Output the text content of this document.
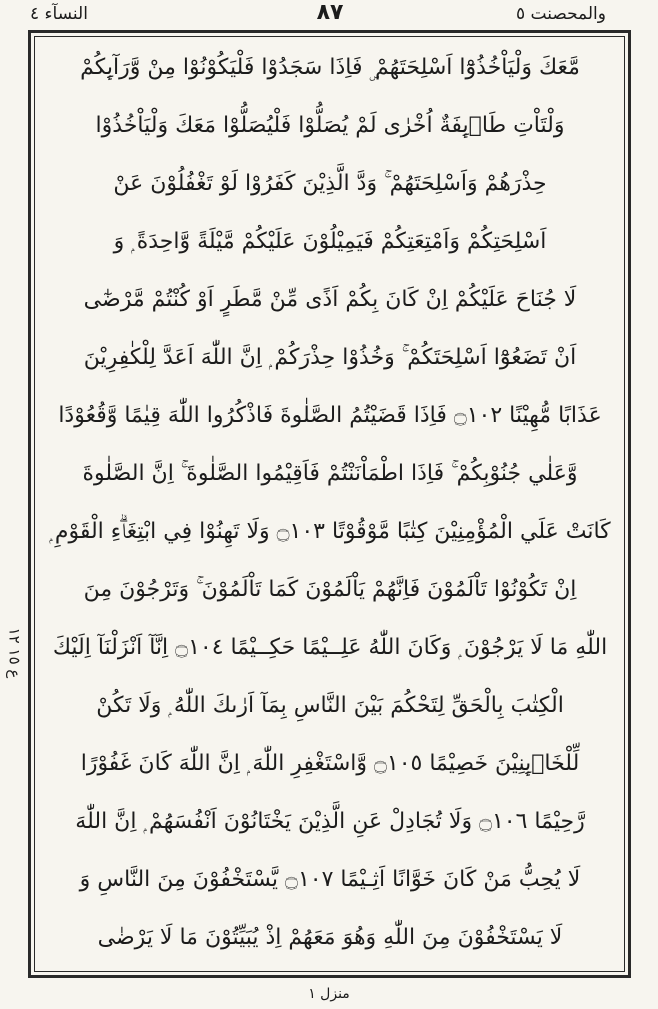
النسآء ٤	٨٧	والمحصنت ٥
مَّعَكَ وَلْيَاْخُذُوْٓا اَسْلِحَتَهُمْ ۣ فَاِذَا سَجَدُوْا فَلْيَكُوْنُوْا مِنْ وَّرَآىِٕكُمْ
وَلْتَاْتِ طَاۗىِٕفَةٌ اُخْرٰى لَمْ يُصَلُّوْا فَلْيُصَلُّوْا مَعَكَ وَلْيَاْخُذُوْا
حِذْرَهُمْ وَاَسْلِحَتَهُمْ ۚ وَدَّ الَّذِيْنَ كَفَرُوْا لَوْ تَغْفُلُوْنَ عَنْ
اَسْلِحَتِكُمْ وَاَمْتِعَتِكُمْ فَيَمِيْلُوْنَ عَلَيْكُمْ مَّيْلَةً وَّاحِدَةً ۭ وَ
لَا جُنَاحَ عَلَيْكُمْ اِنْ كَانَ بِكُمْ اَذًى مِّنْ مَّطَرٍ اَوْ كُنْتُمْ مَّرْضٰٓى
اَنْ تَضَعُوْٓا اَسْلِحَتَكُمْ ۚ وَخُذُوْا حِذْرَكُمْ ۭ اِنَّ اللّٰهَ اَعَدَّ لِلْكٰفِرِيْنَ
عَذَابًا مُّهِيْنًا ۝١٠٢ فَاِذَا قَضَيْتُمُ الصَّلٰوةَ فَاذْكُرُوا اللّٰهَ قِيٰمًا وَّقُعُوْدًا
وَّعَلٰي جُنُوْبِكُمْ ۚ فَاِذَا اطْمَاْنَنْتُمْ فَاَقِيْمُوا الصَّلٰوةَ ۚ اِنَّ الصَّلٰوةَ
كَانَتْ عَلَي الْمُؤْمِنِيْنَ كِتٰبًا مَّوْقُوْتًا ۝١٠٣ وَلَا تَهِنُوْا فِي ابْتِغَاۗءِ الْقَوْمِ ۭ
اِنْ تَكُوْنُوْا تَاْلَمُوْنَ فَاِنَّھُمْ يَاْلَمُوْنَ كَمَا تَاْلَمُوْنَ ۚ وَتَرْجُوْنَ مِنَ
اللّٰهِ مَا لَا يَرْجُوْنَ ۭ وَكَانَ اللّٰهُ عَلِــيْمًا حَكِــيْمًا ۝١٠٤ اِنَّآ اَنْزَلْنَآ اِلَيْكَ
الْكِتٰبَ بِالْحَقِّ لِتَحْكُمَ بَيْنَ النَّاسِ بِمَآ اَرٰىكَ اللّٰهُ ۭ وَلَا تَكُنْ
لِّلْخَاۗىِٕنِيْنَ خَصِيْمًا ۝١٠٥ وَّاسْتَغْفِرِ اللّٰهَ ۭ اِنَّ اللّٰهَ كَانَ غَفُوْرًا
رَّحِيْمًا ۝١٠٦ وَلَا تُجَادِلْ عَنِ الَّذِيْنَ يَخْتَانُوْنَ اَنْفُسَھُمْ ۭ اِنَّ اللّٰهَ
لَا يُحِبُّ مَنْ كَانَ خَوَّانًا اَثِـيْمًا ۝١٠٧ يَّسْتَخْفُوْنَ مِنَ النَّاسِ وَ
لَا يَسْتَخْفُوْنَ مِنَ اللّٰهِ وَھُوَ مَعَھُمْ اِذْ يُبَيِّتُوْنَ مَا لَا يَرْضٰى
ع ١٥ ١٢
منزل ١
